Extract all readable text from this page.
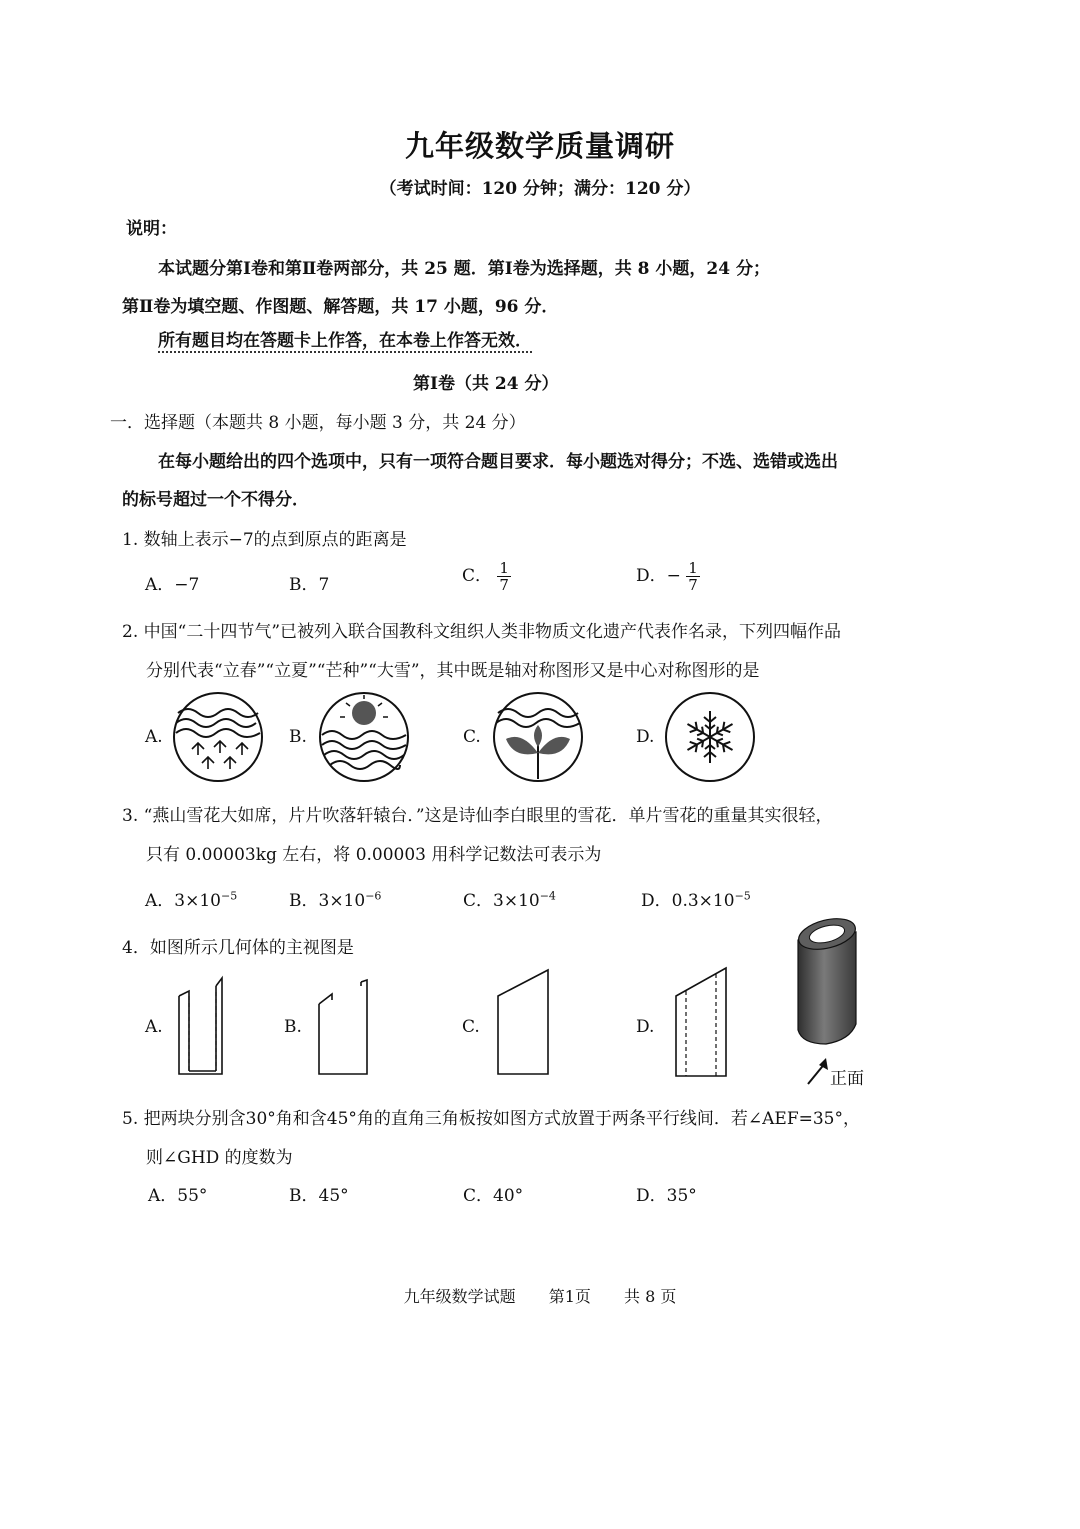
九年级数学质量调研
（考试时间：120 分钟；满分：120 分）
说明：
本试题分第Ⅰ卷和第Ⅱ卷两部分，共 25 题．第Ⅰ卷为选择题，共 8 小题，24 分；
第Ⅱ卷为填空题、作图题、解答题，共 17 小题，96 分．
所有题目均在答题卡上作答，在本卷上作答无效．
第Ⅰ卷（共 24 分）
一．选择题（本题共 8 小题，每小题 3 分，共 24 分）
在每小题给出的四个选项中，只有一项符合题目要求．每小题选对得分；不选、选错或选出
的标号超过一个不得分．
1. 数轴上表示−7的点到原点的距离是
A．−7	B．7	C． $\frac{1}{7}$	D．− $\frac{1}{7}$
2. 中国“二十四节气”已被列入联合国教科文组织人类非物质文化遗产代表作名录，下列四幅作品
分别代表“立春”“立夏”“芒种”“大雪”，其中既是轴对称图形又是中心对称图形的是
A.	B.	C.	D.
3. “燕山雪花大如席，片片吹落轩辕台．”这是诗仙李白眼里的雪花．单片雪花的重量其实很轻，
只有 0.00003kg 左右，将 0.00003 用科学记数法可表示为
A．$3\times 10^{-5}$	B．$3\times 10^{-6}$	C．$3\times 10^{-4}$	D．$0.3\times 10^{-5}$
4．如图所示几何体的主视图是
A.	B.	C.	D.
正面
5. 把两块分别含30°角和含45°角的直角三角板按如图方式放置于两条平行线间．若∠AEF=35°，
则∠GHD 的度数为
A．55°	B．45°	C．40°	D．35°
九年级数学试题 第1页 共 8 页
